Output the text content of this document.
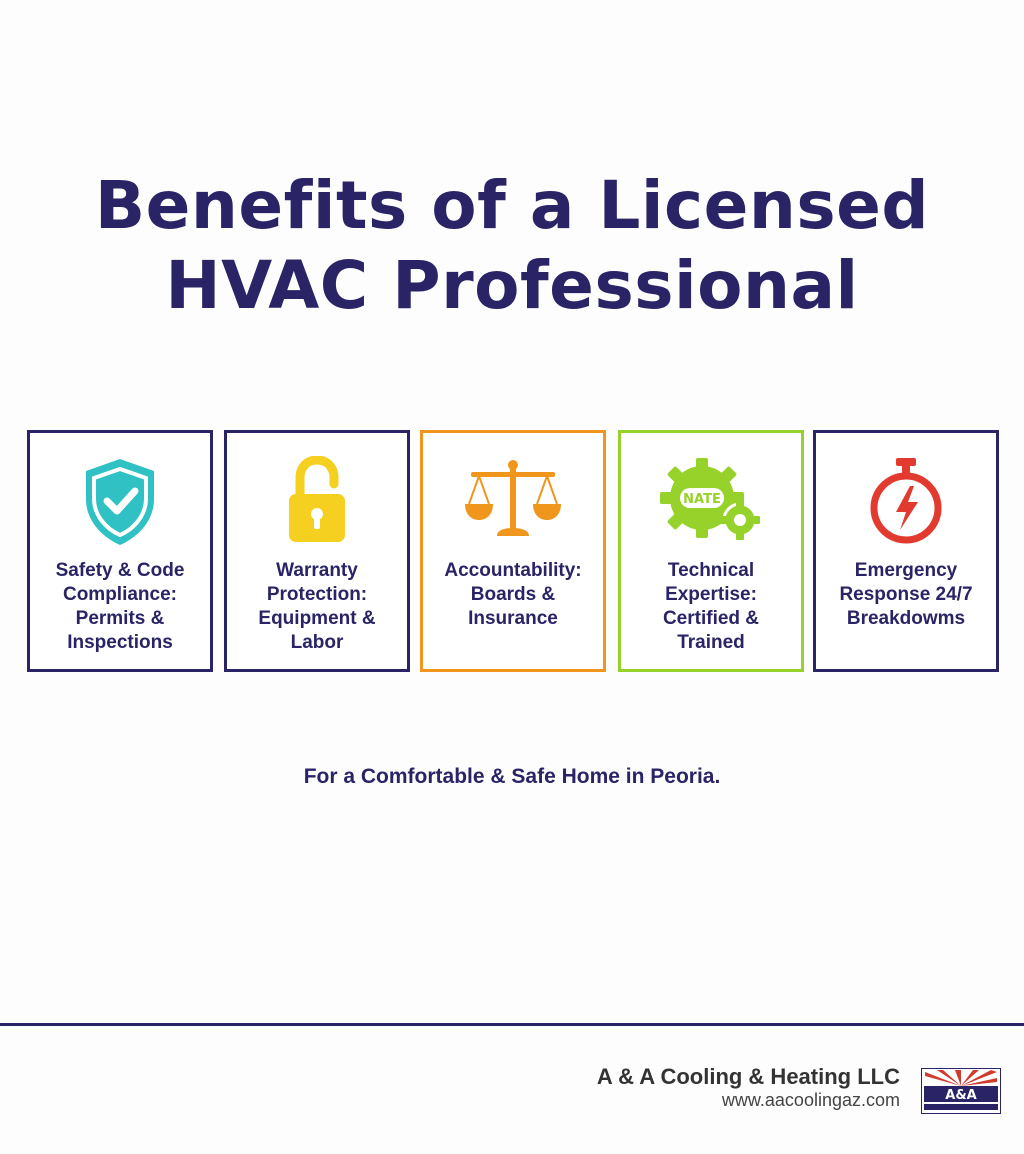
Benefits of a Licensed
HVAC Professional
Safety & Code
Compliance:
Permits &
Inspections
Warranty
Protection:
Equipment &
Labor
Accountability:
Boards &
Insurance
NATE
Technical
Expertise:
Certified &
Trained
Emergency
Response 24/7
Breakdowms
For a Comfortable & Safe Home in Peoria.
A & A Cooling & Heating LLC
www.aacoolingaz.com	A&A
